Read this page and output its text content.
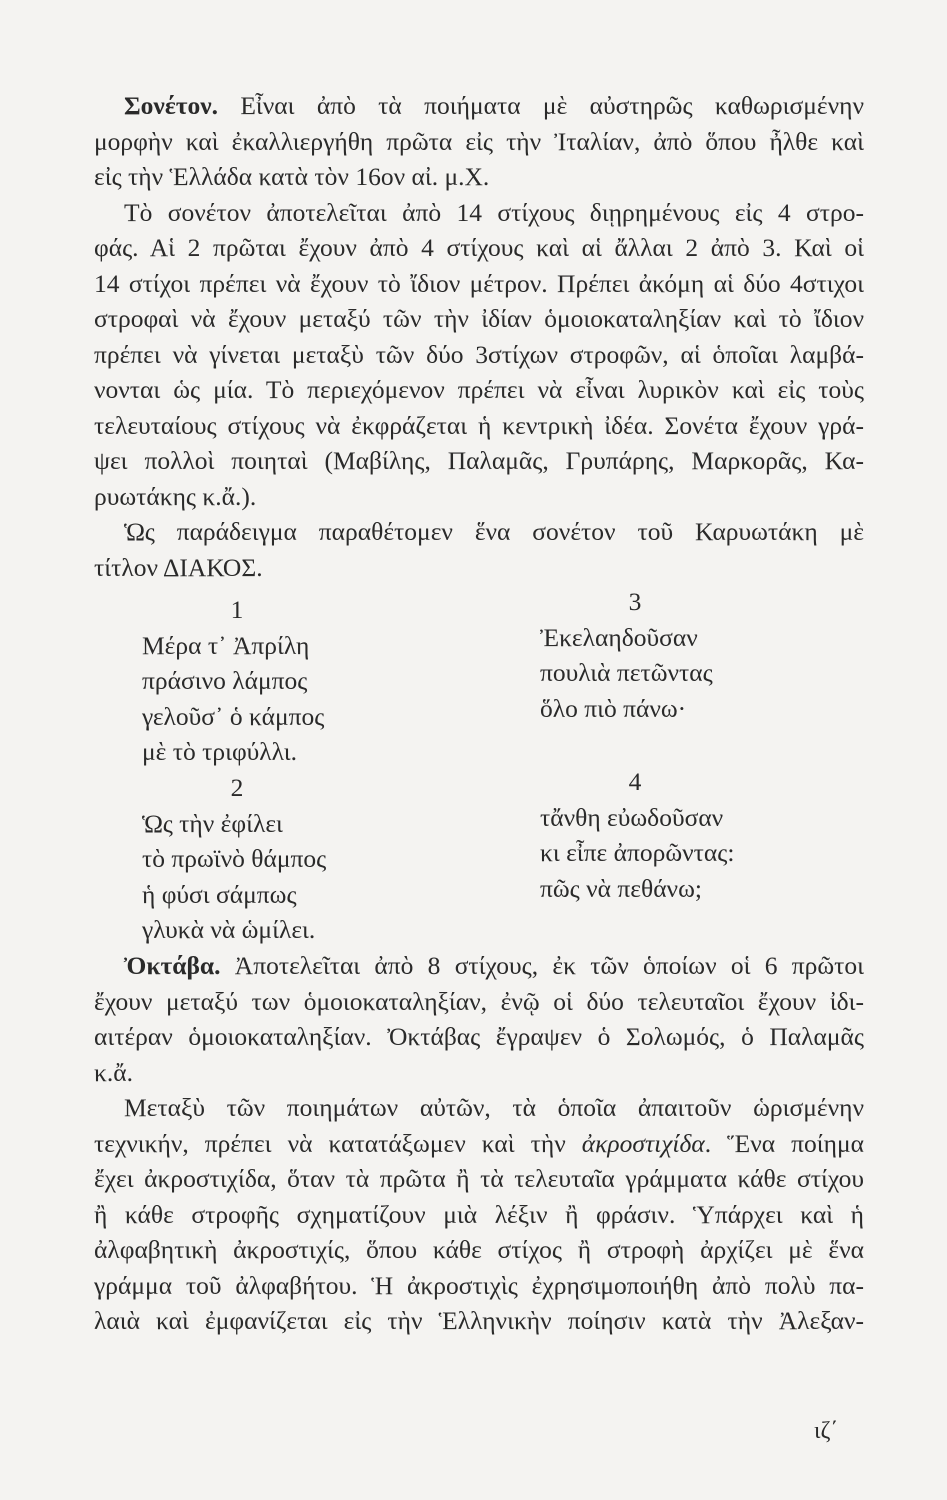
Σονέτον. Εἶναι ἀπὸ τὰ ποιήματα μὲ αὐστηρῶς καθωρισμένην
μορφὴν καὶ ἐκαλλιεργήθη πρῶτα εἰς τὴν Ἰταλίαν, ἀπὸ ὅπου ἦλθε καὶ
εἰς τὴν Ἑλλάδα κατὰ τὸν 16ον αἰ. μ.Χ.
Τὸ σονέτον ἀποτελεῖται ἀπὸ 14 στίχους διῃρημένους εἰς 4 στρο-
φάς. Αἱ 2 πρῶται ἔχουν ἀπὸ 4 στίχους καὶ αἱ ἄλλαι 2 ἀπὸ 3. Καὶ οἱ
14 στίχοι πρέπει νὰ ἔχουν τὸ ἴδιον μέτρον. Πρέπει ἀκόμη αἱ δύο 4στιχοι
στροφαὶ νὰ ἔχουν μεταξύ τῶν τὴν ἰδίαν ὁμοιοκαταληξίαν καὶ τὸ ἴδιον
πρέπει νὰ γίνεται μεταξὺ τῶν δύο 3στίχων στροφῶν, αἱ ὁποῖαι λαμβά-
νονται ὡς μία. Τὸ περιεχόμενον πρέπει νὰ εἶναι λυρικὸν καὶ εἰς τοὺς
τελευταίους στίχους νὰ ἐκφράζεται ἡ κεντρικὴ ἰδέα. Σονέτα ἔχουν γρά-
ψει πολλοὶ ποιηταὶ (Μαβίλης, Παλαμᾶς, Γρυπάρης, Μαρκορᾶς, Κα-
ρυωτάκης κ.ἄ.).
Ὡς παράδειγμα παραθέτομεν ἕνα σονέτον τοῦ Καρυωτάκη μὲ
τίτλον ΔΙΑΚΟΣ.
1
Μέρα τ᾽ Ἀπρίλη
πράσινο λάμπος
γελοῦσ᾽ ὁ κάμπος
μὲ τὸ τριφύλλι.
2
Ὡς τὴν ἐφίλει
τὸ πρωϊνὸ θάμπος
ἡ φύσι σάμπως
γλυκὰ νὰ ὡμίλει.
3
Ἐκελαηδοῦσαν
πουλιὰ πετῶντας
ὅλο πιὸ πάνω·
4
τἄνθη εὐωδοῦσαν
κι εἶπε ἀπορῶντας:
πῶς νὰ πεθάνω;
Ὀκτάβα. Ἀποτελεῖται ἀπὸ 8 στίχους, ἐκ τῶν ὁποίων οἱ 6 πρῶτοι
ἔχουν μεταξύ των ὁμοιοκαταληξίαν, ἐνῷ οἱ δύο τελευταῖοι ἔχουν ἰδι-
αιτέραν ὁμοιοκαταληξίαν. Ὀκτάβας ἔγραψεν ὁ Σολωμός, ὁ Παλαμᾶς
κ.ἄ.
Μεταξὺ τῶν ποιημάτων αὐτῶν, τὰ ὁποῖα ἀπαιτοῦν ὡρισμένην
τεχνικήν, πρέπει νὰ κατατάξωμεν καὶ τὴν ἀκροστιχίδα. Ἕνα ποίημα
ἔχει ἀκροστιχίδα, ὅταν τὰ πρῶτα ἢ τὰ τελευταῖα γράμματα κάθε στίχου
ἢ κάθε στροφῆς σχηματίζουν μιὰ λέξιν ἢ φράσιν. Ὑπάρχει καὶ ἡ
ἀλφαβητικὴ ἀκροστιχίς, ὅπου κάθε στίχος ἢ στροφὴ ἀρχίζει μὲ ἕνα
γράμμα τοῦ ἀλφαβήτου. Ἡ ἀκροστιχὶς ἐχρησιμοποιήθη ἀπὸ πολὺ πα-
λαιὰ καὶ ἐμφανίζεται εἰς τὴν Ἑλληνικὴν ποίησιν κατὰ τὴν Ἀλεξαν-
ιζ΄
